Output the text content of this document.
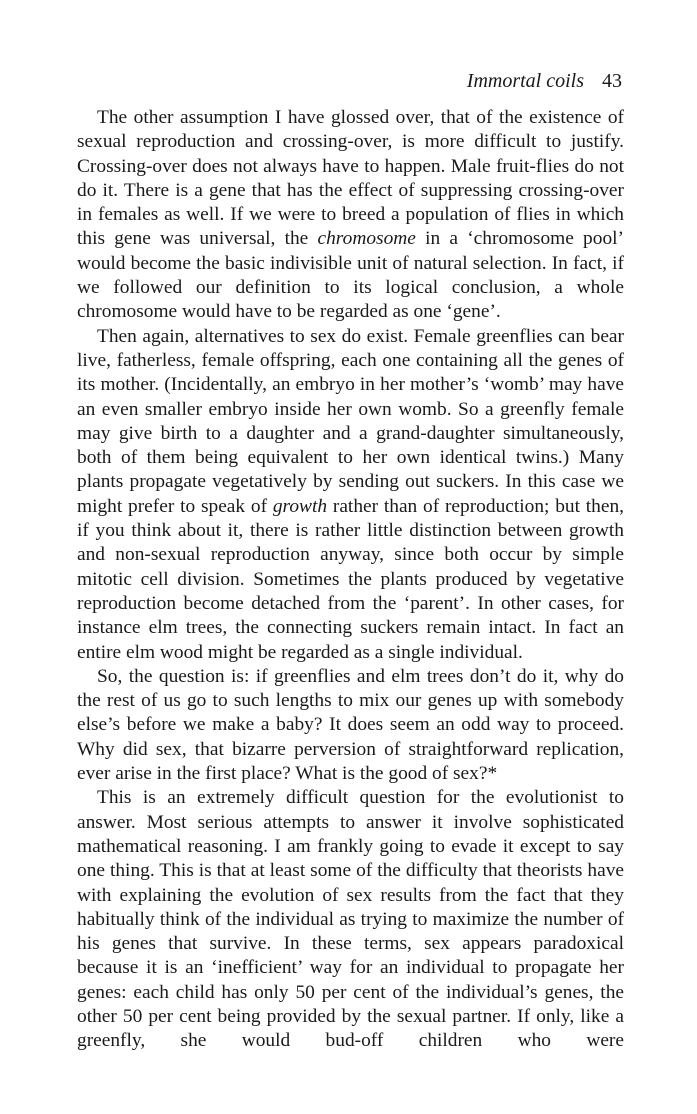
Immortal coils 43

The other assumption I have glossed over, that of the existence of sexual reproduction and crossing-over, is more difficult to justify. Crossing-over does not always have to happen. Male fruit-flies do not do it. There is a gene that has the effect of suppressing crossing-over in females as well. If we were to breed a population of flies in which this gene was universal, the chromosome in a ‘chromosome pool’ would become the basic indivisible unit of natural selection. In fact, if we followed our definition to its logical conclusion, a whole chromosome would have to be regarded as one ‘gene’.

Then again, alternatives to sex do exist. Female greenflies can bear live, fatherless, female offspring, each one containing all the genes of its mother. (Incidentally, an embryo in her mother’s ‘womb’ may have an even smaller embryo inside her own womb. So a greenfly female may give birth to a daughter and a grand-daughter simultaneously, both of them being equivalent to her own identical twins.) Many plants propagate vegetatively by sending out suckers. In this case we might prefer to speak of growth rather than of reproduction; but then, if you think about it, there is rather little distinction between growth and non-sexual reproduction anyway, since both occur by simple mitotic cell division. Sometimes the plants produced by vegetative reproduction become detached from the ‘parent’. In other cases, for instance elm trees, the connecting suckers remain intact. In fact an entire elm wood might be regarded as a single individual.

So, the question is: if greenflies and elm trees don’t do it, why do the rest of us go to such lengths to mix our genes up with somebody else’s before we make a baby? It does seem an odd way to proceed. Why did sex, that bizarre perversion of straightforward replication, ever arise in the first place? What is the good of sex?*

This is an extremely difficult question for the evolutionist to answer. Most serious attempts to answer it involve sophisticated mathematical reasoning. I am frankly going to evade it except to say one thing. This is that at least some of the difficulty that theorists have with explaining the evolution of sex results from the fact that they habitually think of the individual as trying to maximize the number of his genes that survive. In these terms, sex appears paradoxical because it is an ‘inefficient’ way for an individual to propagate her genes: each child has only 50 per cent of the individual’s genes, the other 50 per cent being provided by the sexual partner. If only, like a greenfly, she would bud-off children who were
